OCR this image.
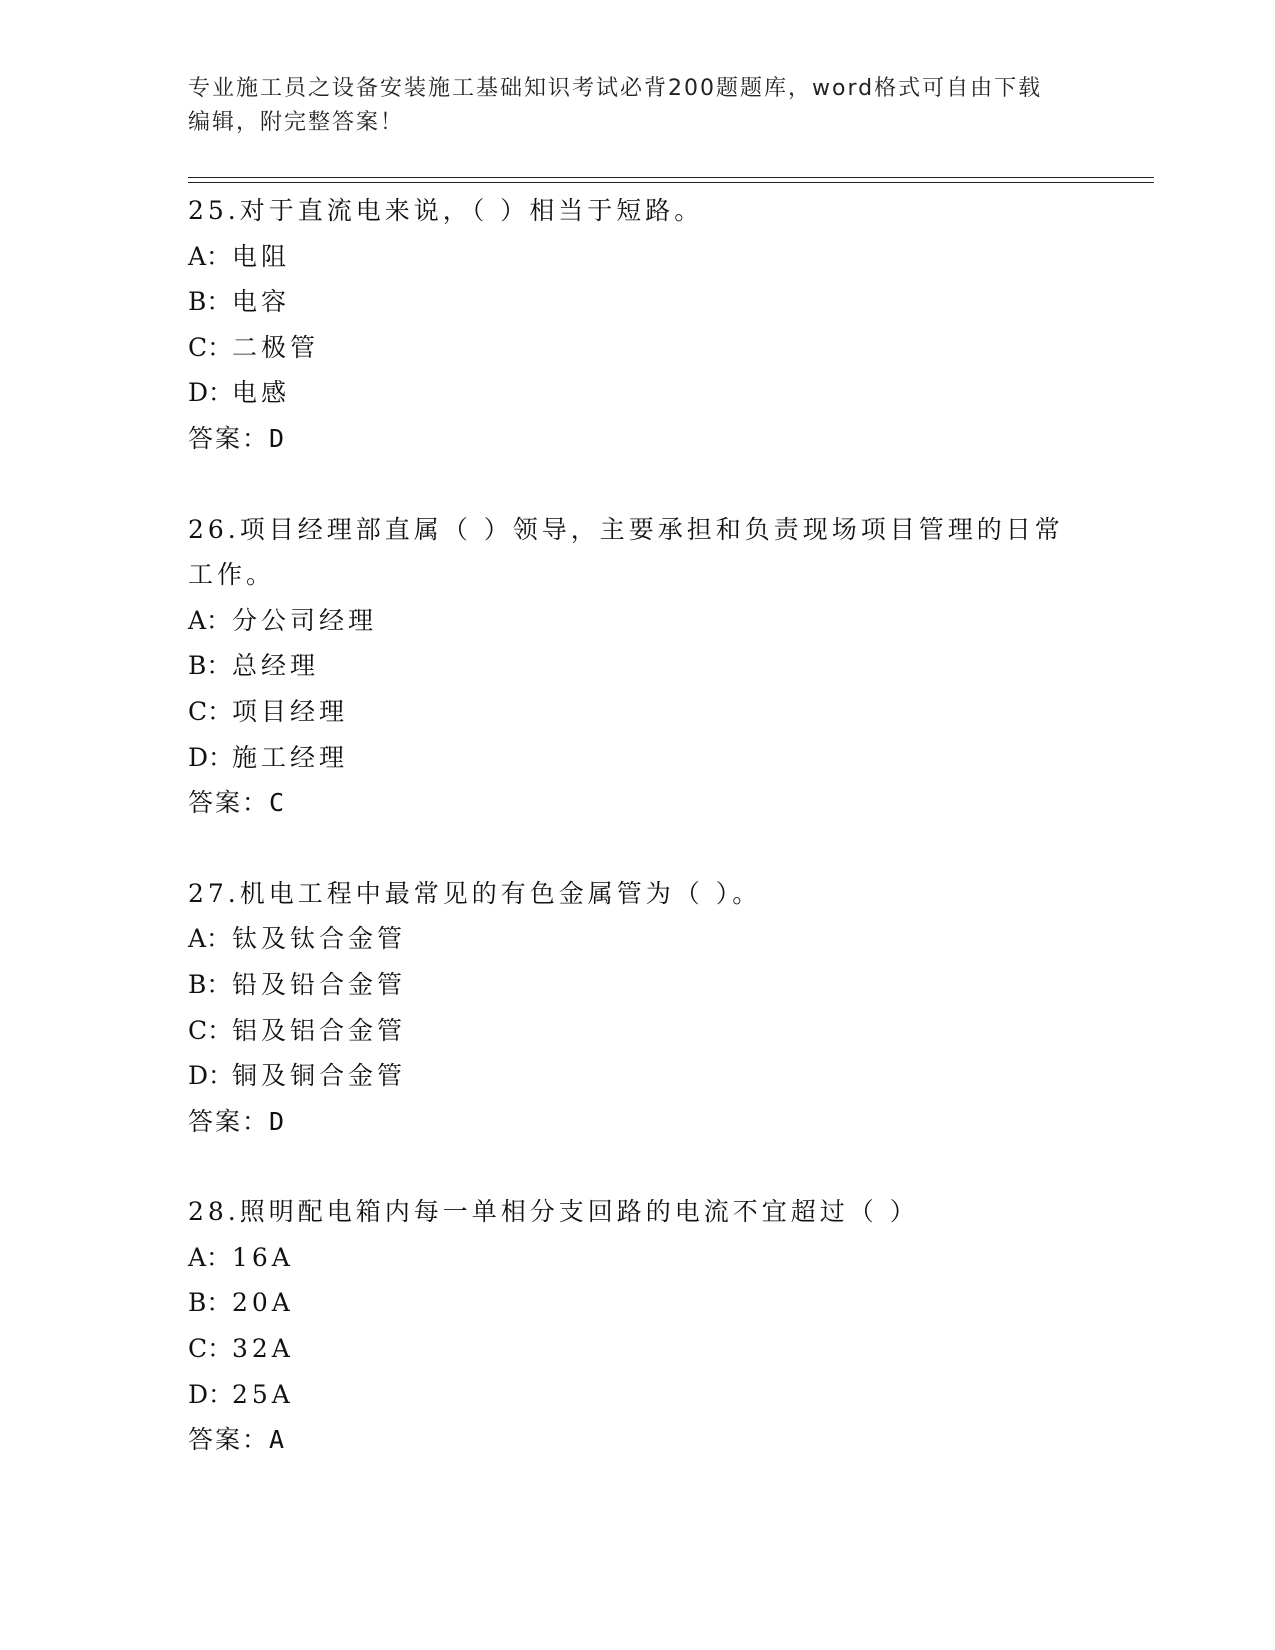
专业施工员之设备安装施工基础知识考试必背200题题库，word格式可自由下载
编辑，附完整答案！
25.对于直流电来说，（ ）相当于短路。
A：电阻
B：电容
C：二极管
D：电感
答案：D
26.项目经理部直属（ ）领导，主要承担和负责现场项目管理的日常工作。
A：分公司经理
B：总经理
C：项目经理
D：施工经理
答案：C
27.机电工程中最常见的有色金属管为（ ）。
A：钛及钛合金管
B：铅及铅合金管
C：铝及铝合金管
D：铜及铜合金管
答案：D
28.照明配电箱内每一单相分支回路的电流不宜超过（ ）
A：16A
B：20A
C：32A
D：25A
答案：A
